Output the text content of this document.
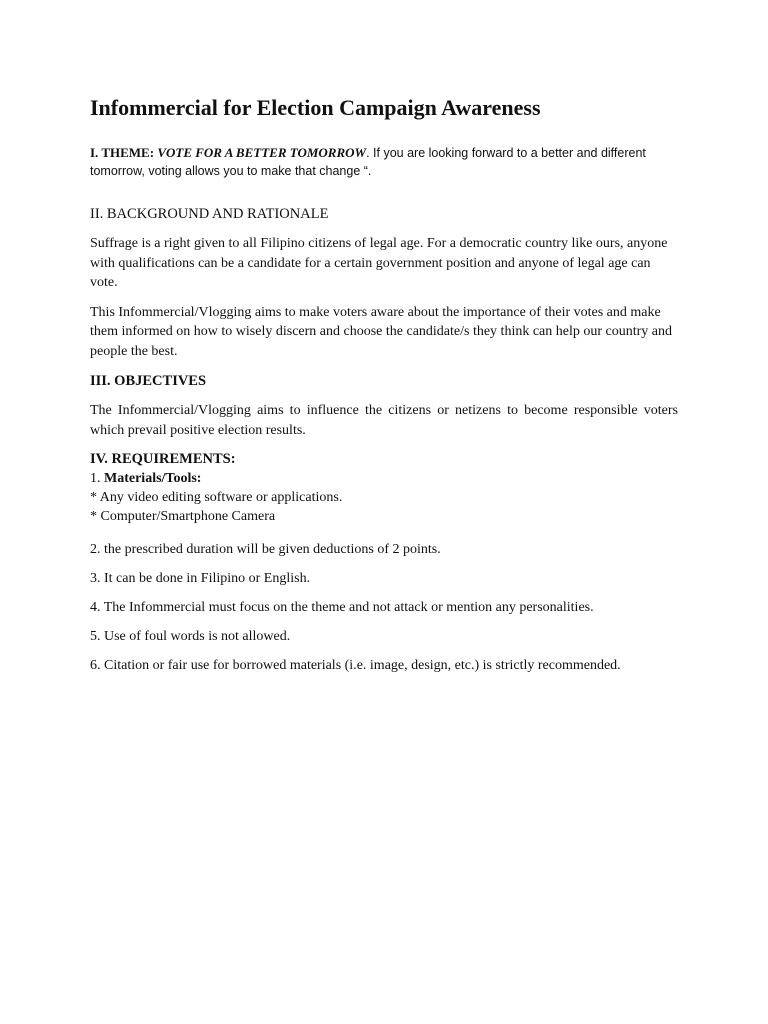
Infommercial for Election Campaign Awareness

I. THEME: VOTE FOR A BETTER TOMORROW. If you are looking forward to a better and different tomorrow, voting allows you to make that change “.

II. BACKGROUND AND RATIONALE

Suffrage is a right given to all Filipino citizens of legal age. For a democratic country like ours, anyone with qualifications can be a candidate for a certain government position and anyone of legal age can vote.

This Infommercial/Vlogging aims to make voters aware about the importance of their votes and make them informed on how to wisely discern and choose the candidate/s they think can help our country and people the best.

III. OBJECTIVES

The Infommercial/Vlogging aims to influence the citizens or netizens to become responsible voters which prevail positive election results.

IV. REQUIREMENTS:

1. Materials/Tools:

* Any video editing software or applications.

* Computer/Smartphone Camera

2. the prescribed duration will be given deductions of 2 points.

3. It can be done in Filipino or English.

4. The Infommercial must focus on the theme and not attack or mention any personalities.

5. Use of foul words is not allowed.

6. Citation or fair use for borrowed materials (i.e. image, design, etc.) is strictly recommended.
